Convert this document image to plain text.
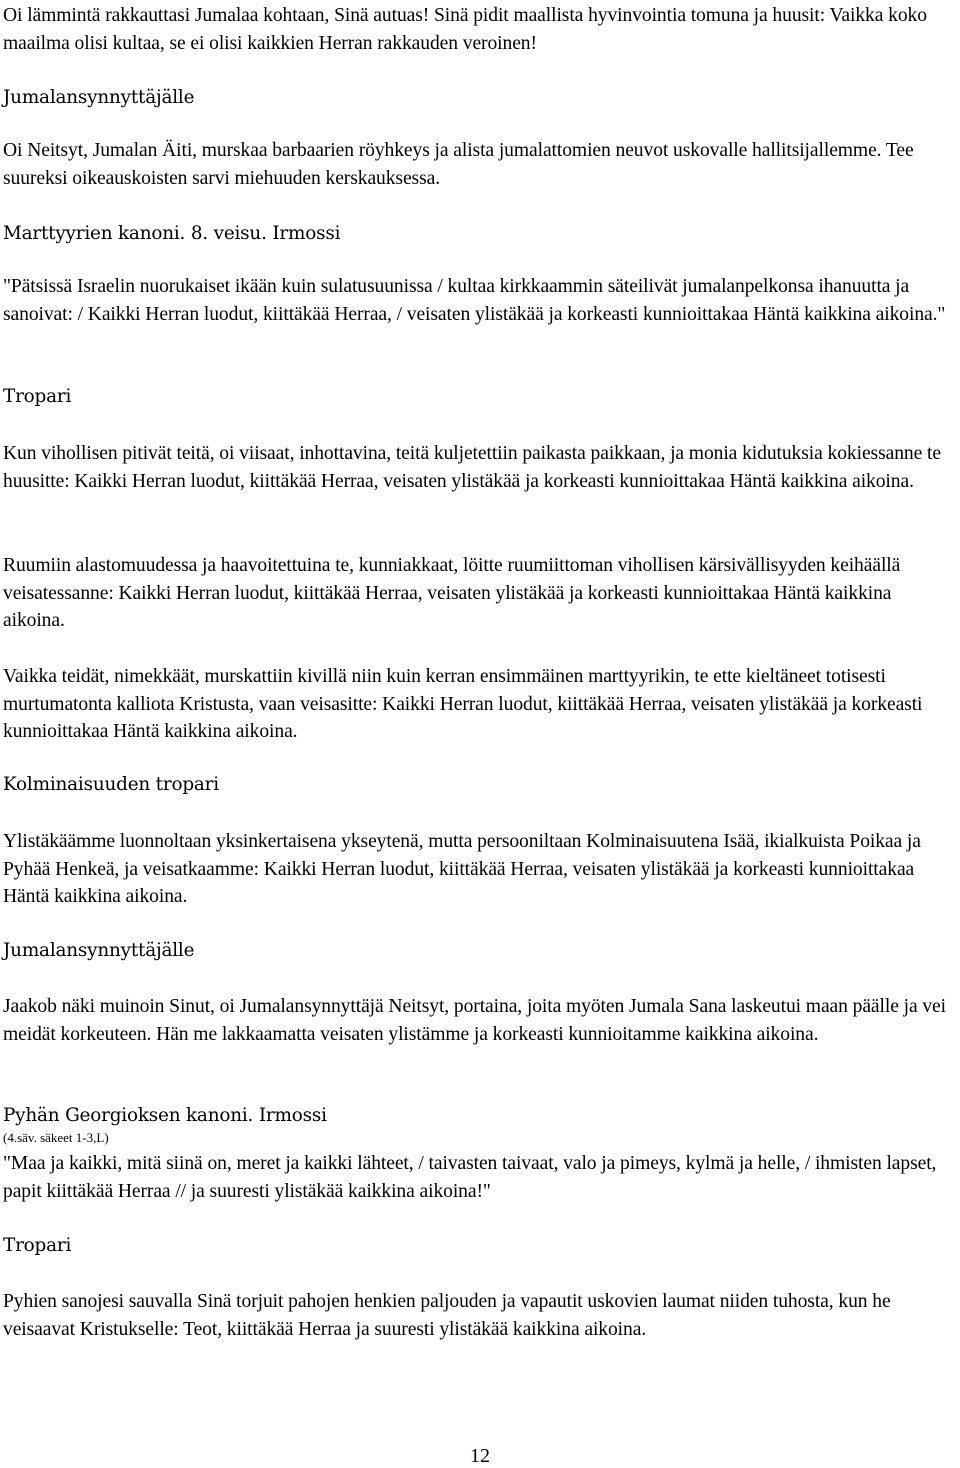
Oi lämmintä rakkauttasi Jumalaa kohtaan, Sinä autuas! Sinä pidit maallista hyvinvointia tomuna ja huusit: Vaikka koko maailma olisi kultaa, se ei olisi kaikkien Herran rakkauden veroinen!

Jumalansynnyttäjälle

Oi Neitsyt, Jumalan Äiti, murskaa barbaarien röyhkeys ja alista jumalattomien neuvot uskovalle hallitsijallemme. Tee suureksi oikeauskoisten sarvi miehuuden kerskauksessa.

Marttyyrien kanoni. 8. veisu. Irmossi

"Pätsissä Israelin nuorukaiset ikään kuin sulatusuunissa / kultaa kirkkaammin säteilivät jumalanpelkonsa ihanuutta ja sanoivat: / Kaikki Herran luodut, kiittäkää Herraa, / veisaten ylistäkää ja korkeasti kunnioittakaa Häntä kaikkina aikoina."

Tropari

Kun vihollisen pitivät teitä, oi viisaat, inhottavina, teitä kuljetettiin paikasta paikkaan, ja monia kidutuksia kokiessanne te huusitte: Kaikki Herran luodut, kiittäkää Herraa, veisaten ylistäkää ja korkeasti kunnioittakaa Häntä kaikkina aikoina.

Ruumiin alastomuudessa ja haavoitettuina te, kunniakkaat, löitte ruumiittoman vihollisen kärsivällisyyden keihäällä veisatessanne: Kaikki Herran luodut, kiittäkää Herraa, veisaten ylistäkää ja korkeasti kunnioittakaa Häntä kaikkina aikoina.

Vaikka teidät, nimekkäät, murskattiin kivillä niin kuin kerran ensimmäinen marttyyrikin, te ette kieltäneet totisesti murtumatonta kalliota Kristusta, vaan veisasitte: Kaikki Herran luodut, kiittäkää Herraa, veisaten ylistäkää ja korkeasti kunnioittakaa Häntä kaikkina aikoina.

Kolminaisuuden tropari

Ylistäkäämme luonnoltaan yksinkertaisena ykseytenä, mutta persooniltaan Kolminaisuutena Isää, ikialkuista Poikaa ja Pyhää Henkeä, ja veisatkaamme: Kaikki Herran luodut, kiittäkää Herraa, veisaten ylistäkää ja korkeasti kunnioittakaa Häntä kaikkina aikoina.

Jumalansynnyttäjälle

Jaakob näki muinoin Sinut, oi Jumalansynnyttäjä Neitsyt, portaina, joita myöten Jumala Sana laskeutui maan päälle ja vei meidät korkeuteen. Hän me lakkaamatta veisaten ylistämme ja korkeasti kunnioitamme kaikkina aikoina.

Pyhän Georgioksen kanoni. Irmossi

(4.säv. säkeet 1-3,L)

"Maa ja kaikki, mitä siinä on, meret ja kaikki lähteet, / taivasten taivaat, valo ja pimeys, kylmä ja helle, / ihmisten lapset, papit kiittäkää Herraa // ja suuresti ylistäkää kaikkina aikoina!"

Tropari

Pyhien sanojesi sauvalla Sinä torjuit pahojen henkien paljouden ja vapautit uskovien laumat niiden tuhosta, kun he veisaavat Kristukselle: Teot, kiittäkää Herraa ja suuresti ylistäkää kaikkina aikoina.

12
